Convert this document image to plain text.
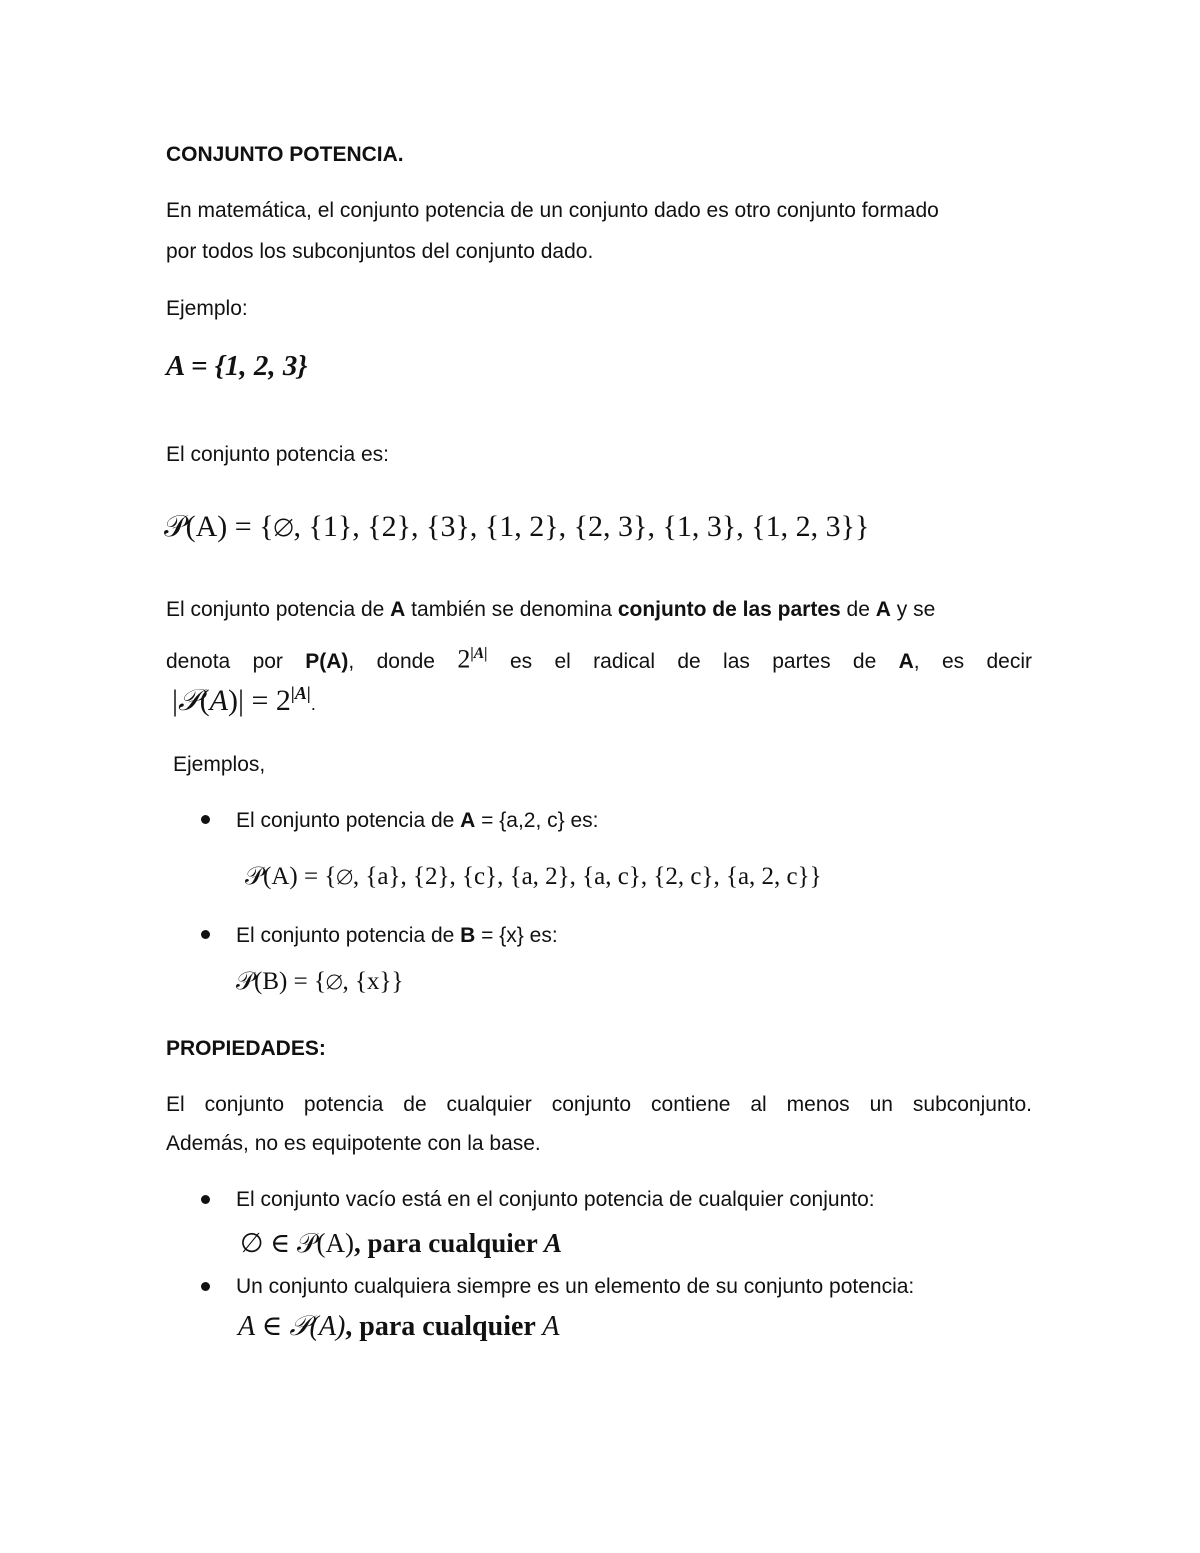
CONJUNTO POTENCIA.
En matemática, el conjunto potencia de un conjunto dado es otro conjunto formado
por todos los subconjuntos del conjunto dado.
Ejemplo:
A = {1, 2, 3}
El conjunto potencia es:
𝒫(A) = {∅, {1}, {2}, {3}, {1, 2}, {2, 3}, {1, 3}, {1, 2, 3}}
El conjunto potencia de A también se denomina conjunto de las partes de A y se
denota por P(A), donde $2^{|A|}$ es el radical de las partes de A, es decir
|𝒫(A)| = $2^{|A|}$.
Ejemplos,
El conjunto potencia de A = {a,2, c} es:
𝒫(A) = {∅, {a}, {2}, {c}, {a, 2}, {a, c}, {2, c}, {a, 2, c}}
El conjunto potencia de B = {x} es:
𝒫(B) = {∅, {x}}
PROPIEDADES:
El conjunto potencia de cualquier conjunto contiene al menos un subconjunto.
Además, no es equipotente con la base.
El conjunto vacío está en el conjunto potencia de cualquier conjunto:
∅ ∈ 𝒫(A), para cualquier A
Un conjunto cualquiera siempre es un elemento de su conjunto potencia:
A ∈ 𝒫(A), para cualquier A
